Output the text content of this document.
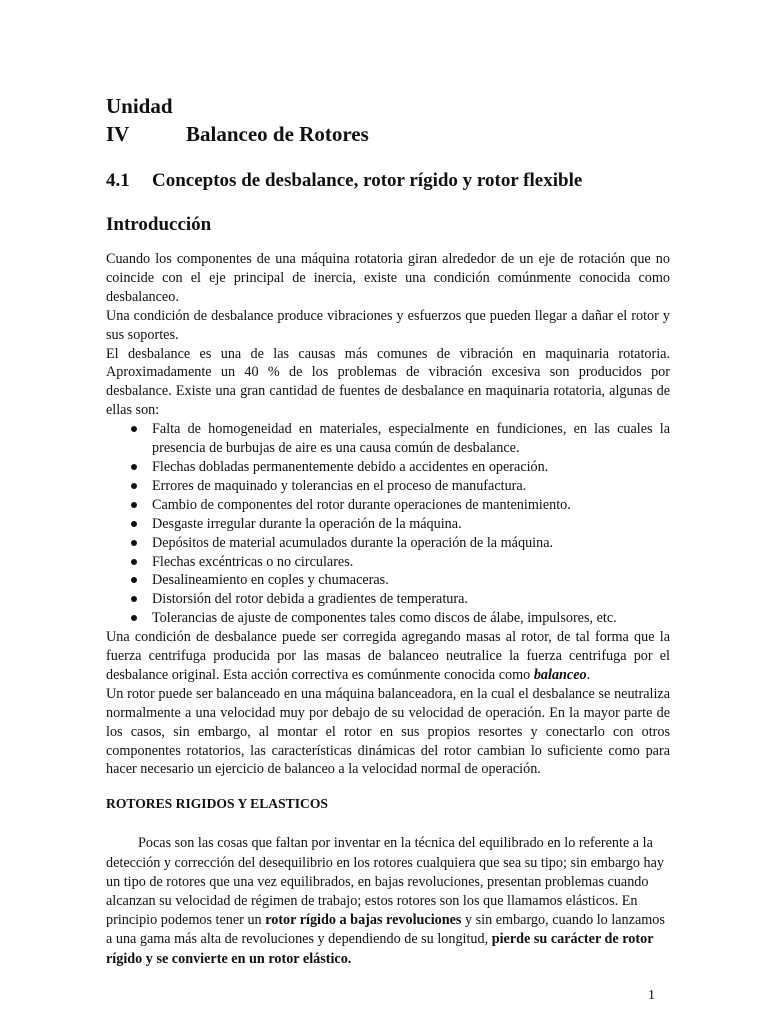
Unidad IV	Balanceo de Rotores
4.1 Conceptos de desbalance, rotor rígido y rotor flexible
Introducción

Cuando los componentes de una máquina rotatoria giran alrededor de un eje de rotación que no coincide con el eje principal de inercia, existe una condición comúnmente conocida como desbalanceo.

Una condición de desbalance produce vibraciones y esfuerzos que pueden llegar a dañar el rotor y sus soportes.

El desbalance es una de las causas más comunes de vibración en maquinaria rotatoria. Aproximadamente un 40 % de los problemas de vibración excesiva son producidos por desbalance. Existe una gran cantidad de fuentes de desbalance en maquinaria rotatoria, algunas de ellas son:

Falta de homogeneidad en materiales, especialmente en fundiciones, en las cuales la presencia de burbujas de aire es una causa común de desbalance.
Flechas dobladas permanentemente debido a accidentes en operación.
Errores de maquinado y tolerancias en el proceso de manufactura.
Cambio de componentes del rotor durante operaciones de mantenimiento.
Desgaste irregular durante la operación de la máquina.
Depósitos de material acumulados durante la operación de la máquina.
Flechas excéntricas o no circulares.
Desalineamiento en coples y chumaceras.
Distorsión del rotor debida a gradientes de temperatura.
Tolerancias de ajuste de componentes tales como discos de álabe, impulsores, etc.

Una condición de desbalance puede ser corregida agregando masas al rotor, de tal forma que la fuerza centrifuga producida por las masas de balanceo neutralice la fuerza centrifuga por el desbalance original. Esta acción correctiva es comúnmente conocida como balanceo.

Un rotor puede ser balanceado en una máquina balanceadora, en la cual el desbalance se neutraliza normalmente a una velocidad muy por debajo de su velocidad de operación. En la mayor parte de los casos, sin embargo, al montar el rotor en sus propios resortes y conectarlo con otros componentes rotatorios, las características dinámicas del rotor cambian lo suficiente como para hacer necesario un ejercicio de balanceo a la velocidad normal de operación.

ROTORES RIGIDOS Y ELASTICOS

Pocas son las cosas que faltan por inventar en la técnica del equilibrado en lo referente a la detección y corrección del desequilibrio en los rotores cualquiera que sea su tipo; sin embargo hay un tipo de rotores que una vez equilibrados, en bajas revoluciones, presentan problemas cuando alcanzan su velocidad de régimen de trabajo; estos rotores son los que llamamos elásticos. En principio podemos tener un rotor rígido a bajas revoluciones y sin embargo, cuando lo lanzamos a una gama más alta de revoluciones y dependiendo de su longitud, pierde su carácter de rotor rígido y se convierte en un rotor elástico.

1
